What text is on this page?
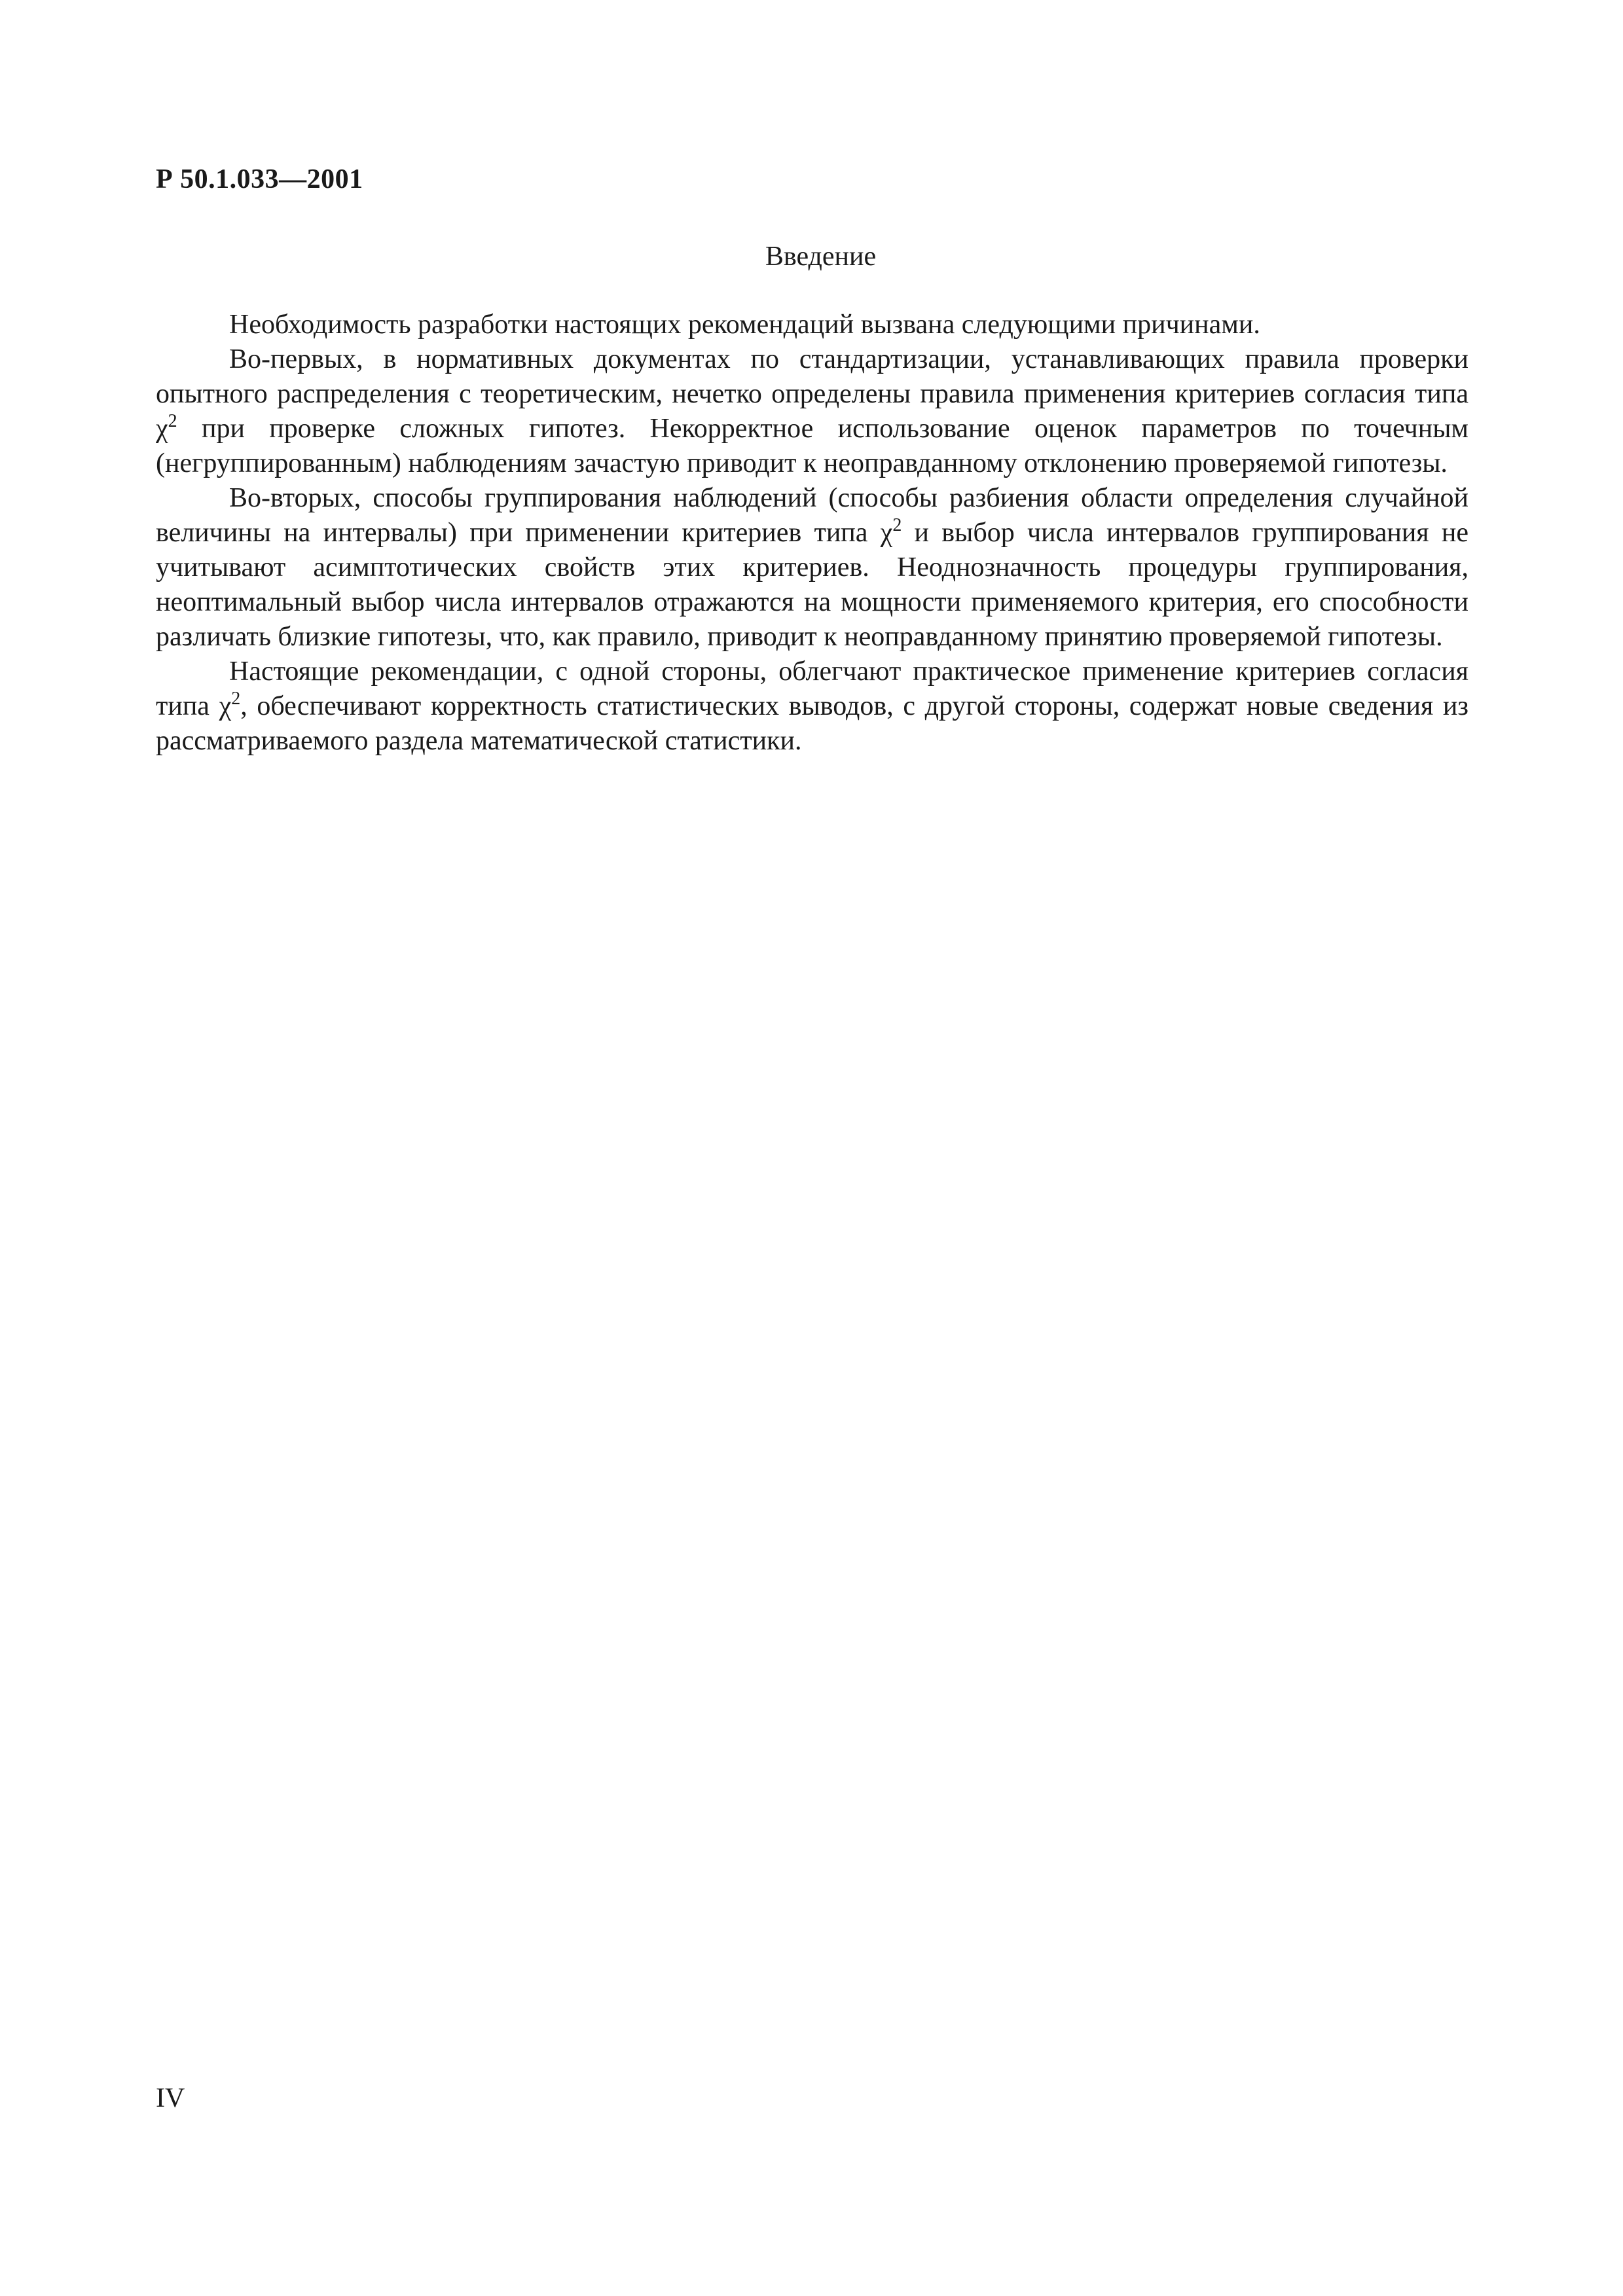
Р 50.1.033—2001
Введение

Необходимость разработки настоящих рекомендаций вызвана следующими причинами.

Во-первых, в нормативных документах по стандартизации, устанавливающих правила проверки опытного распределения с теоретическим, нечетко определены правила применения критериев согласия типа $\chi^2$ при проверке сложных гипотез. Некорректное использование оценок параметров по точечным (негруппированным) наблюдениям зачастую приводит к неоправданному отклонению проверяемой гипотезы.

Во-вторых, способы группирования наблюдений (способы разбиения области определения случайной величины на интервалы) при применении критериев типа $\chi^2$ и выбор числа интервалов группирования не учитывают асимптотических свойств этих критериев. Неоднозначность процедуры группирования, неоптимальный выбор числа интервалов отражаются на мощности применяемого критерия, его способности различать близкие гипотезы, что, как правило, приводит к неоправданному принятию проверяемой гипотезы.

Настоящие рекомендации, с одной стороны, облегчают практическое применение критериев согласия типа $\chi^2$, обеспечивают корректность статистических выводов, с другой стороны, содержат новые сведения из рассматриваемого раздела математической статистики.

IV
